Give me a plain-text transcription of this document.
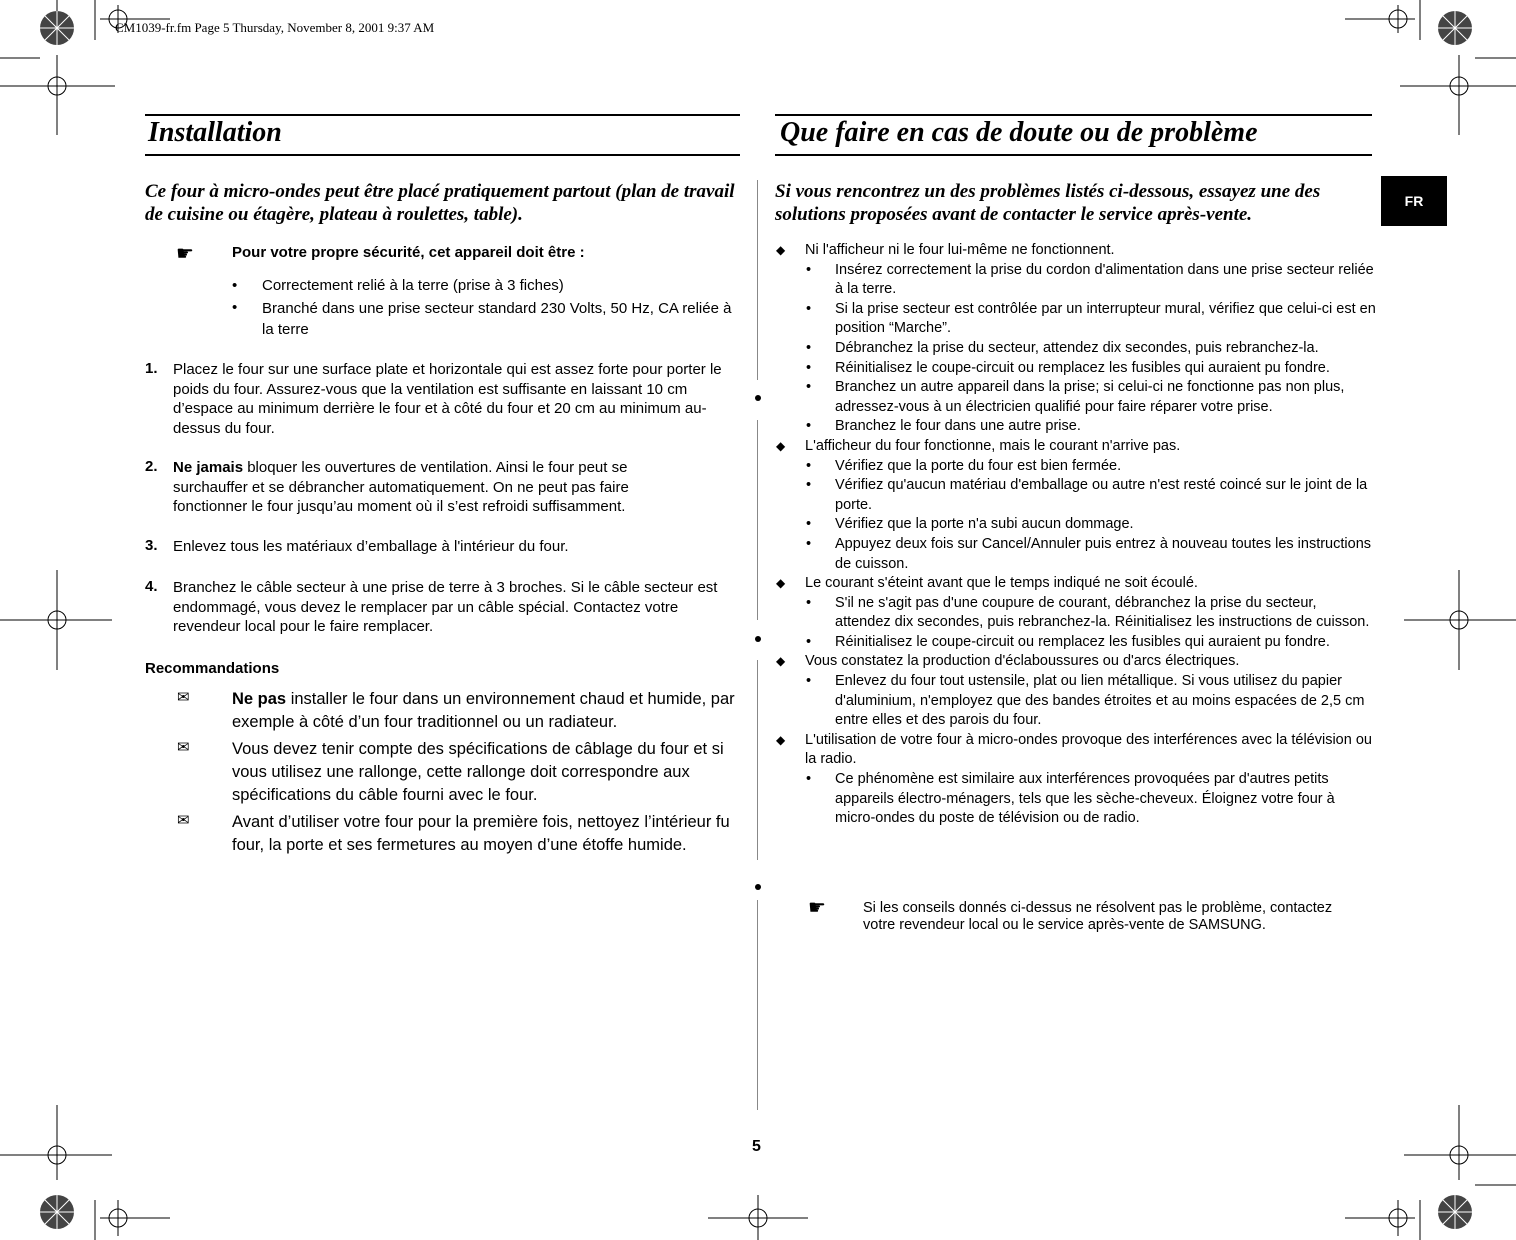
CM1039-fr.fm Page 5 Thursday, November 8, 2001 9:37 AM
FR
Installation
Ce four à micro-ondes peut être placé pratiquement partout (plan de travail de cuisine ou étagère, plateau à roulettes, table).
☛	Pour votre propre sécurité, cet appareil doit être :
• Correctement relié à la terre (prise à 3 fiches)
• Branché dans une prise secteur standard 230 Volts, 50 Hz, CA reliée à la terre
1. Placez le four sur une surface plate et horizontale qui est assez forte pour porter le poids du four. Assurez-vous que la ventilation est suffisante en laissant 10 cm d’espace au minimum derrière le four et à côté du four et 20 cm au minimum au-dessus du four.
2. Ne jamais bloquer les ouvertures de ventilation. Ainsi le four peut se surchauffer et se débrancher automatiquement. On ne peut pas faire fonctionner le four jusqu’au moment où il s’est refroidi suffisamment.
3. Enlevez tous les matériaux d’emballage à l'intérieur du four.
4. Branchez le câble secteur à une prise de terre à 3 broches. Si le câble secteur est endommagé, vous devez le remplacer par un câble spécial. Contactez votre revendeur local pour le faire remplacer.
Recommandations
✉	Ne pas installer le four dans un environnement chaud et humide, par exemple à côté d’un four traditionnel ou un radiateur.
✉	Vous devez tenir compte des spécifications de câblage du four et si vous utilisez une rallonge, cette rallonge doit correspondre aux spécifications du câble fourni avec le four.
✉	Avant d’utiliser votre four pour la première fois, nettoyez l’intérieur fu four, la porte et ses fermetures au moyen d’une étoffe humide.
Que faire en cas de doute ou de problème
Si vous rencontrez un des problèmes listés ci-dessous, essayez une des solutions proposées avant de contacter le service après-vente.
◆ Ni l'afficheur ni le four lui-même ne fonctionnent.
• Insérez correctement la prise du cordon d'alimentation dans une prise secteur reliée à la terre.
• Si la prise secteur est contrôlée par un interrupteur mural, vérifiez que celui-ci est en position “Marche”.
• Débranchez la prise du secteur, attendez dix secondes, puis rebranchez-la.
• Réinitialisez le coupe-circuit ou remplacez les fusibles qui auraient pu fondre.
• Branchez un autre appareil dans la prise; si celui-ci ne fonctionne pas non plus, adressez-vous à un électricien qualifié pour faire réparer votre prise.
• Branchez le four dans une autre prise.
◆ L'afficheur du four fonctionne, mais le courant n'arrive pas.
• Vérifiez que la porte du four est bien fermée.
• Vérifiez qu'aucun matériau d'emballage ou autre n'est resté coincé sur le joint de la porte.
• Vérifiez que la porte n'a subi aucun dommage.
• Appuyez deux fois sur Cancel/Annuler puis entrez à nouveau toutes les instructions de cuisson.
◆ Le courant s'éteint avant que le temps indiqué ne soit écoulé.
• S'il ne s'agit pas d'une coupure de courant, débranchez la prise du secteur, attendez dix secondes, puis rebranchez-la. Réinitialisez les instructions de cuisson.
• Réinitialisez le coupe-circuit ou remplacez les fusibles qui auraient pu fondre.
◆ Vous constatez la production d'éclaboussures ou d'arcs électriques.
• Enlevez du four tout ustensile, plat ou lien métallique. Si vous utilisez du papier d'aluminium, n'employez que des bandes étroites et au moins espacées de 2,5 cm entre elles et des parois du four.
◆ L'utilisation de votre four à micro-ondes provoque des interférences avec la télévision ou la radio.
• Ce phénomène est similaire aux interférences provoquées par d'autres petits appareils électro-ménagers, tels que les sèche-cheveux. Éloignez votre four à micro-ondes du poste de télévision ou de radio.
☛	Si les conseils donnés ci-dessus ne résolvent pas le problème, contactez votre revendeur local ou le service après-vente de SAMSUNG.
5
